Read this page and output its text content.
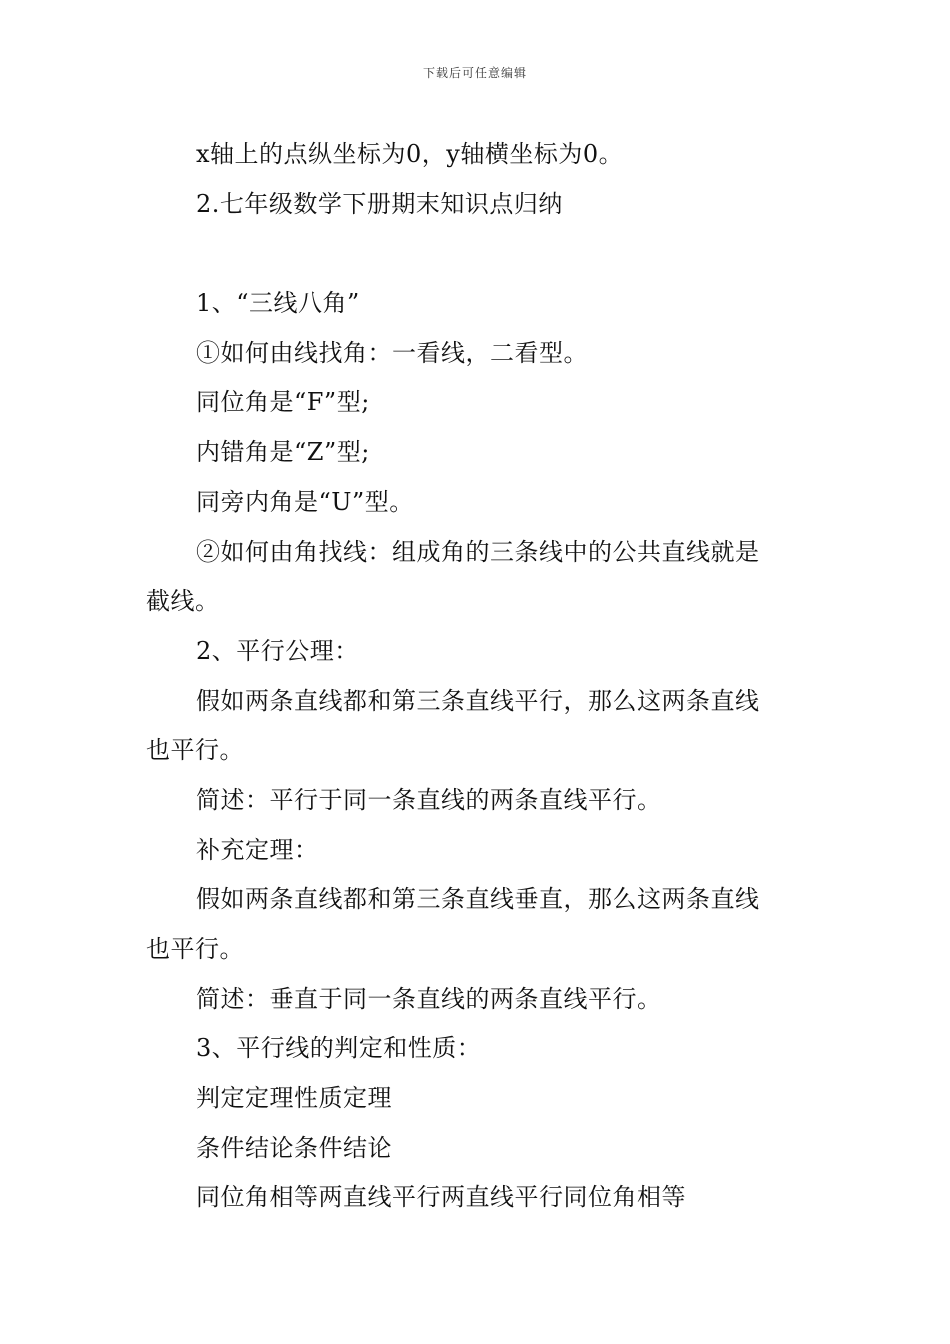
下载后可任意编辑
x轴上的点纵坐标为0，y轴横坐标为0。
2.七年级数学下册期末知识点归纳
1、“三线八角”
①如何由线找角：一看线，二看型。
同位角是“F”型;
内错角是“Z”型;
同旁内角是“U”型。
②如何由角找线：组成角的三条线中的公共直线就是
截线。
2、平行公理：
假如两条直线都和第三条直线平行，那么这两条直线
也平行。
简述：平行于同一条直线的两条直线平行。
补充定理：
假如两条直线都和第三条直线垂直，那么这两条直线
也平行。
简述：垂直于同一条直线的两条直线平行。
3、平行线的判定和性质：
判定定理性质定理
条件结论条件结论
同位角相等两直线平行两直线平行同位角相等
